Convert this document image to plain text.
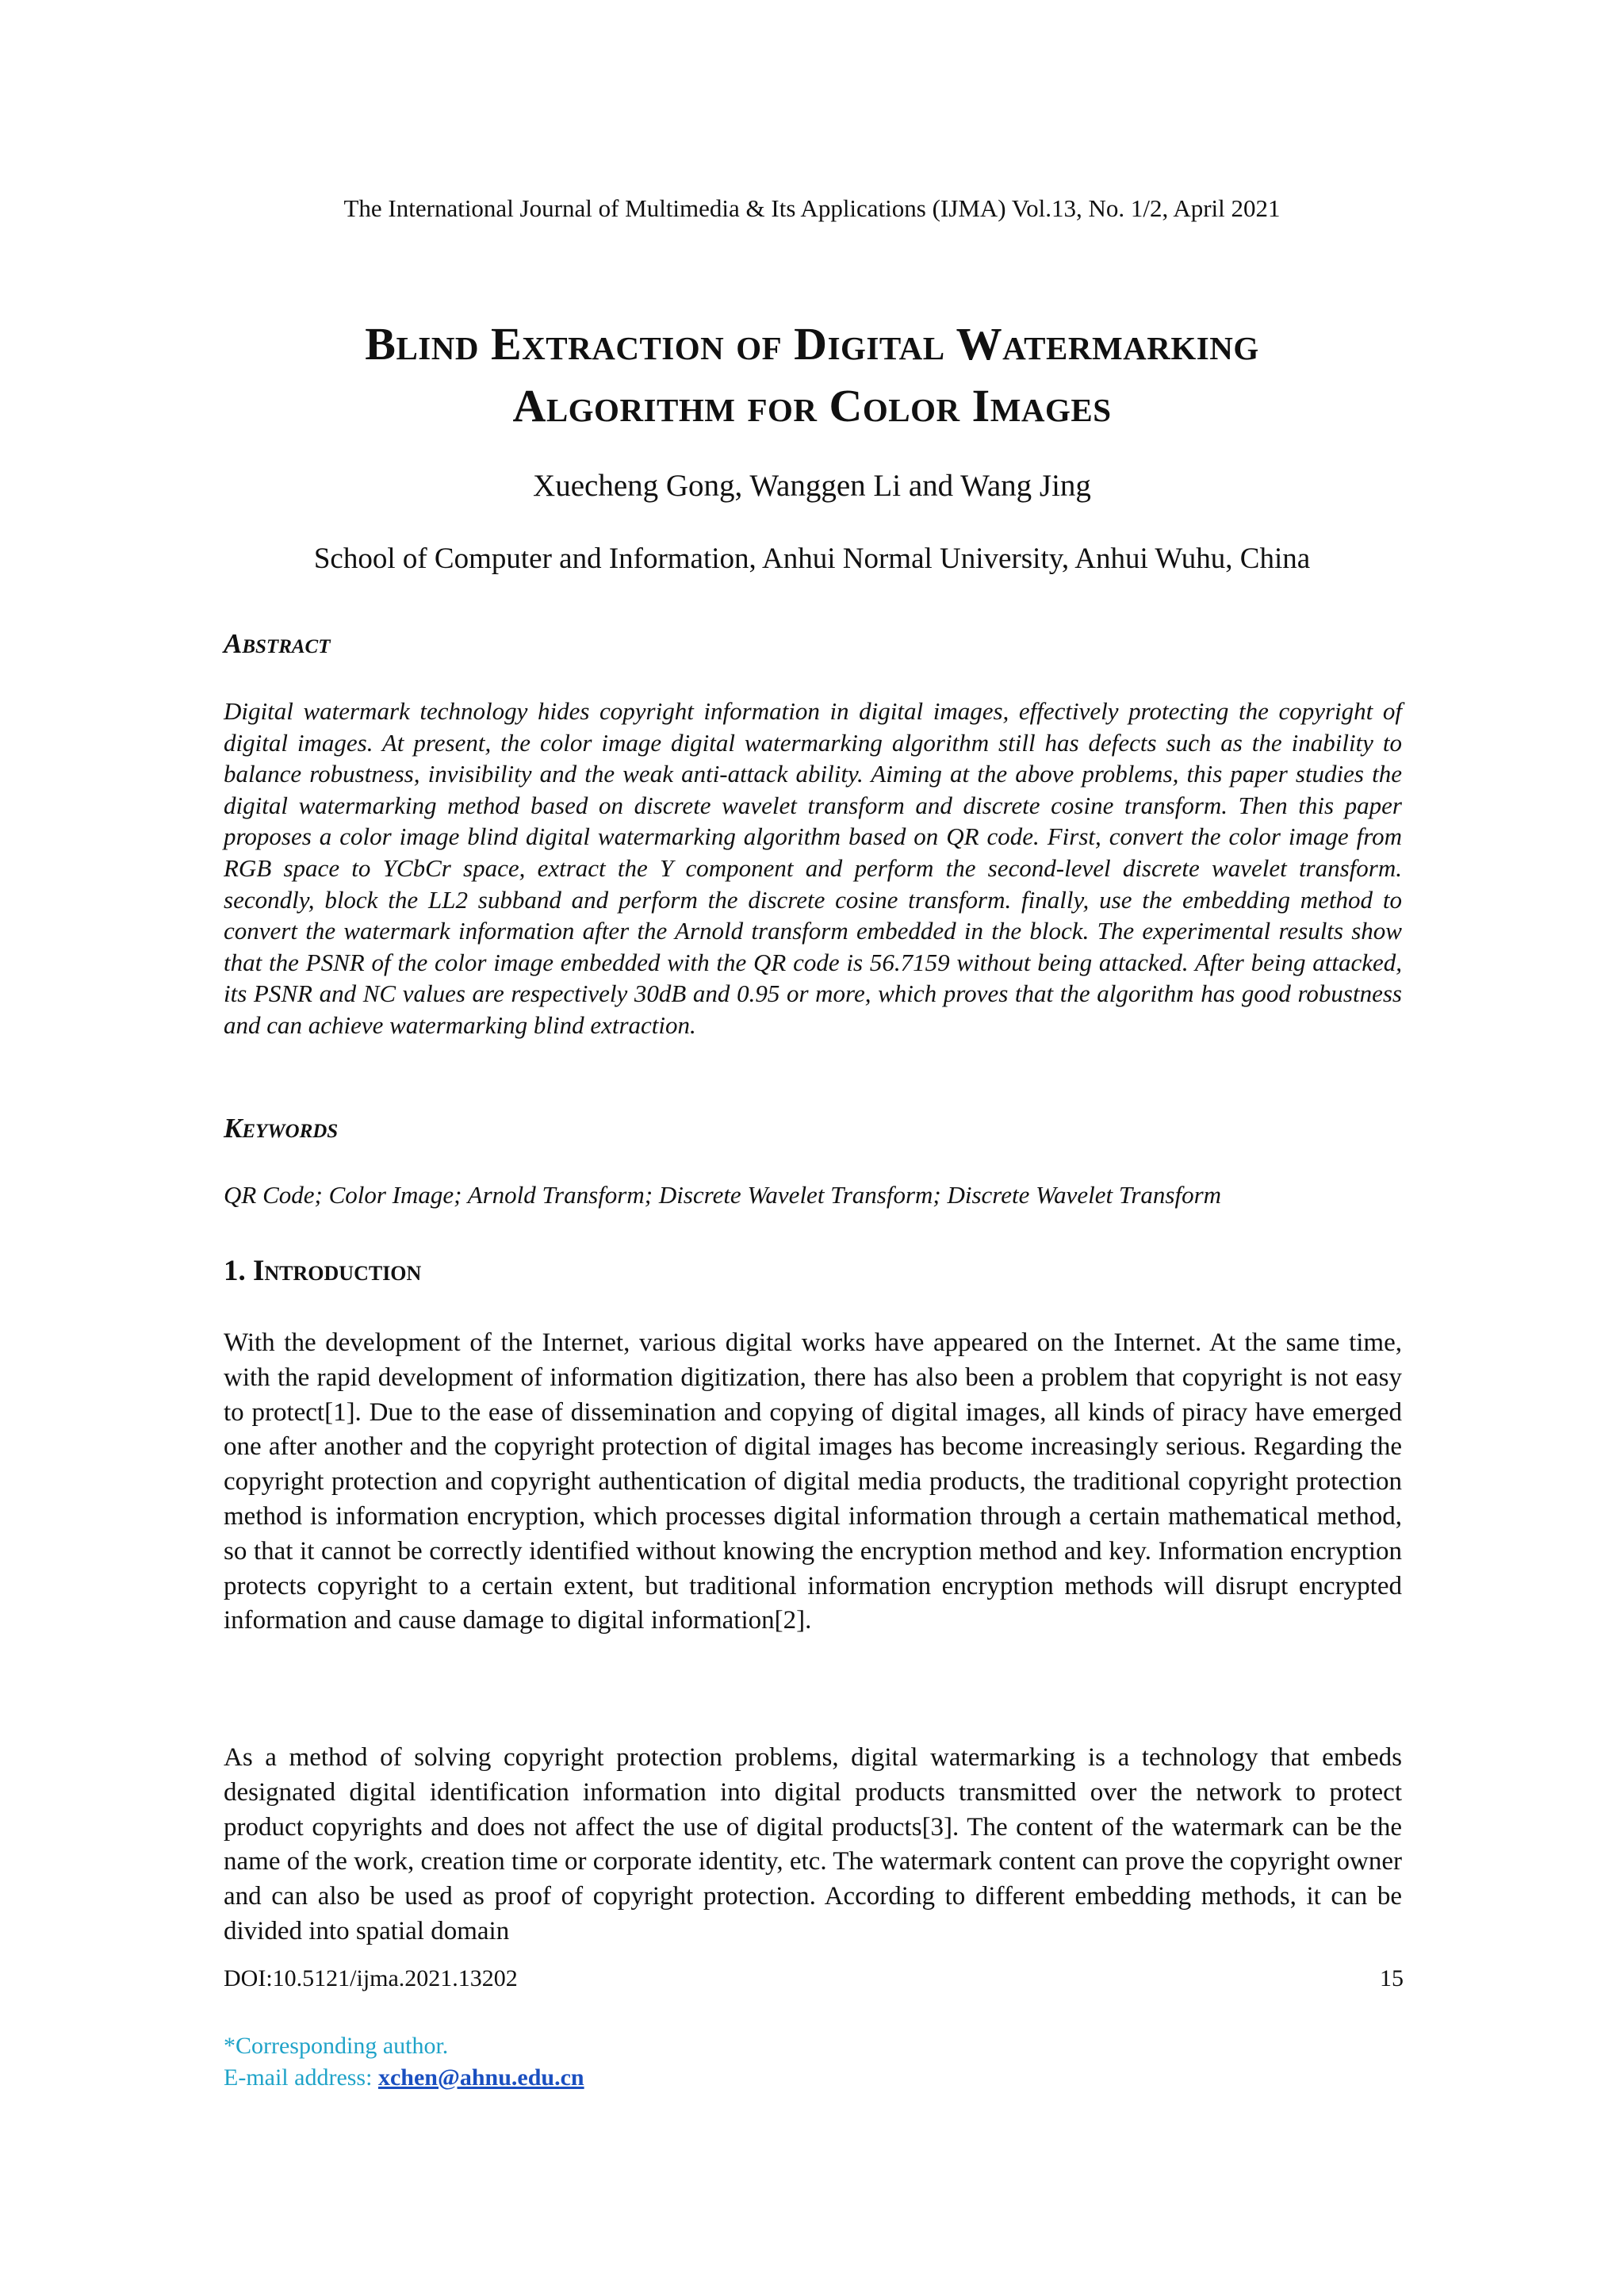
The International Journal of Multimedia & Its Applications (IJMA) Vol.13, No. 1/2, April 2021
Blind Extraction of Digital Watermarking
Algorithm for Color Images
Xuecheng Gong, Wanggen Li and Wang Jing
School of Computer and Information, Anhui Normal University, Anhui Wuhu, China
Abstract
Digital watermark technology hides copyright information in digital images, effectively protecting the copyright of digital images. At present, the color image digital watermarking algorithm still has defects such as the inability to balance robustness, invisibility and the weak anti-attack ability. Aiming at the above problems, this paper studies the digital watermarking method based on discrete wavelet transform and discrete cosine transform. Then this paper proposes a color image blind digital watermarking algorithm based on QR code. First, convert the color image from RGB space to YCbCr space, extract the Y component and perform the second-level discrete wavelet transform. secondly, block the LL2 subband and perform the discrete cosine transform. finally, use the embedding method to convert the watermark information after the Arnold transform embedded in the block. The experimental results show that the PSNR of the color image embedded with the QR code is 56.7159 without being attacked. After being attacked, its PSNR and NC values are respectively 30dB and 0.95 or more, which proves that the algorithm has good robustness and can achieve watermarking blind extraction.
Keywords
QR Code; Color Image; Arnold Transform; Discrete Wavelet Transform; Discrete Wavelet Transform
1. Introduction
With the development of the Internet, various digital works have appeared on the Internet. At the same time, with the rapid development of information digitization, there has also been a problem that copyright is not easy to protect[1]. Due to the ease of dissemination and copying of digital images, all kinds of piracy have emerged one after another and the copyright protection of digital images has become increasingly serious. Regarding the copyright protection and copyright authentication of digital media products, the traditional copyright protection method is information encryption, which processes digital information through a certain mathematical method, so that it cannot be correctly identified without knowing the encryption method and key. Information encryption protects copyright to a certain extent, but traditional information encryption methods will disrupt encrypted information and cause damage to digital information[2].
As a method of solving copyright protection problems, digital watermarking is a technology that embeds designated digital identification information into digital products transmitted over the network to protect product copyrights and does not affect the use of digital products[3]. The content of the watermark can be the name of the work, creation time or corporate identity, etc. The watermark content can prove the copyright owner and can also be used as proof of copyright protection. According to different embedding methods, it can be divided into spatial domain
DOI:10.5121/ijma.2021.13202	15
*Corresponding author.
E-mail address: xchen@ahnu.edu.cn
